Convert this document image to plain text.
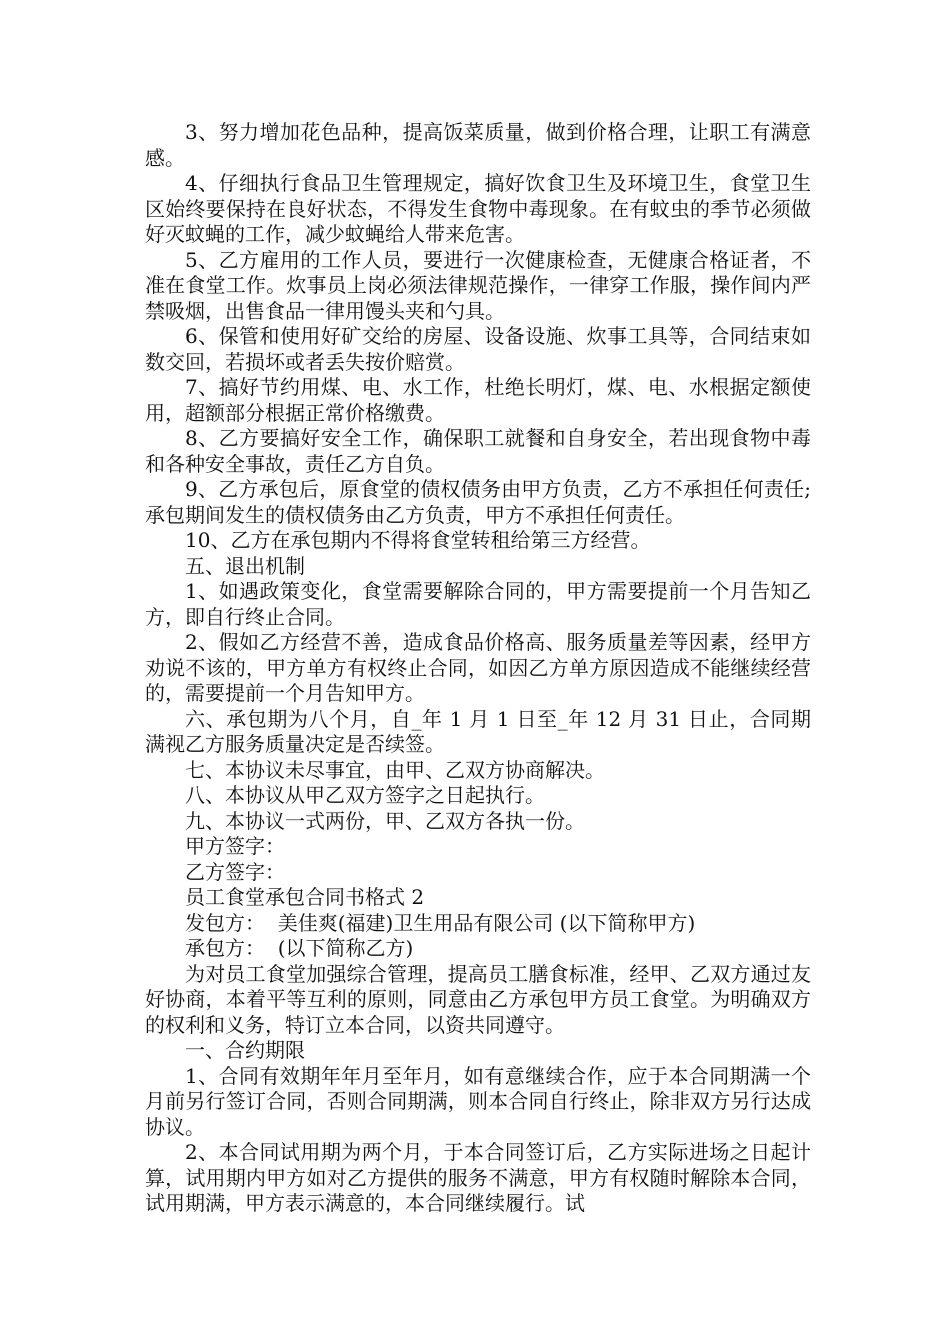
3、努力增加花色品种，提高饭菜质量，做到价格合理，让职工有满意感。

4、仔细执行食品卫生管理规定，搞好饮食卫生及环境卫生，食堂卫生区始终要保持在良好状态，不得发生食物中毒现象。在有蚊虫的季节必须做好灭蚊蝇的工作，减少蚊蝇给人带来危害。

5、乙方雇用的工作人员，要进行一次健康检查，无健康合格证者，不准在食堂工作。炊事员上岗必须法律规范操作，一律穿工作服，操作间内严禁吸烟，出售食品一律用馒头夹和勺具。

6、保管和使用好矿交给的房屋、设备设施、炊事工具等，合同结束如数交回，若损坏或者丢失按价赔赏。

7、搞好节约用煤、电、水工作，杜绝长明灯，煤、电、水根据定额使用，超额部分根据正常价格缴费。

8、乙方要搞好安全工作，确保职工就餐和自身安全，若出现食物中毒和各种安全事故，责任乙方自负。

9、乙方承包后，原食堂的债权债务由甲方负责，乙方不承担任何责任;承包期间发生的债权债务由乙方负责，甲方不承担任何责任。

10、乙方在承包期内不得将食堂转租给第三方经营。

五、退出机制

1、如遇政策变化，食堂需要解除合同的，甲方需要提前一个月告知乙方，即自行终止合同。

2、假如乙方经营不善，造成食品价格高、服务质量差等因素，经甲方劝说不该的，甲方单方有权终止合同，如因乙方单方原因造成不能继续经营的，需要提前一个月告知甲方。

六、承包期为八个月，自_年 1 月 1 日至_年 12 月 31 日止，合同期满视乙方服务质量决定是否续签。

七、本协议未尽事宜，由甲、乙双方协商解决。

八、本协议从甲乙双方签字之日起执行。

九、本协议一式两份，甲、乙双方各执一份。

甲方签字：

乙方签字：

员工食堂承包合同书格式 2

发包方：  美佳爽(福建)卫生用品有限公司 (以下简称甲方)

承包方：  (以下简称乙方)

为对员工食堂加强综合管理，提高员工膳食标准，经甲、乙双方通过友好协商，本着平等互利的原则，同意由乙方承包甲方员工食堂。为明确双方的权利和义务，特订立本合同，以资共同遵守。

一、合约期限

1、合同有效期年年月至年月，如有意继续合作，应于本合同期满一个月前另行签订合同，否则合同期满，则本合同自行终止，除非双方另行达成协议。

2、本合同试用期为两个月，于本合同签订后，乙方实际进场之日起计算，试用期内甲方如对乙方提供的服务不满意，甲方有权随时解除本合同，试用期满，甲方表示满意的，本合同继续履行。试
